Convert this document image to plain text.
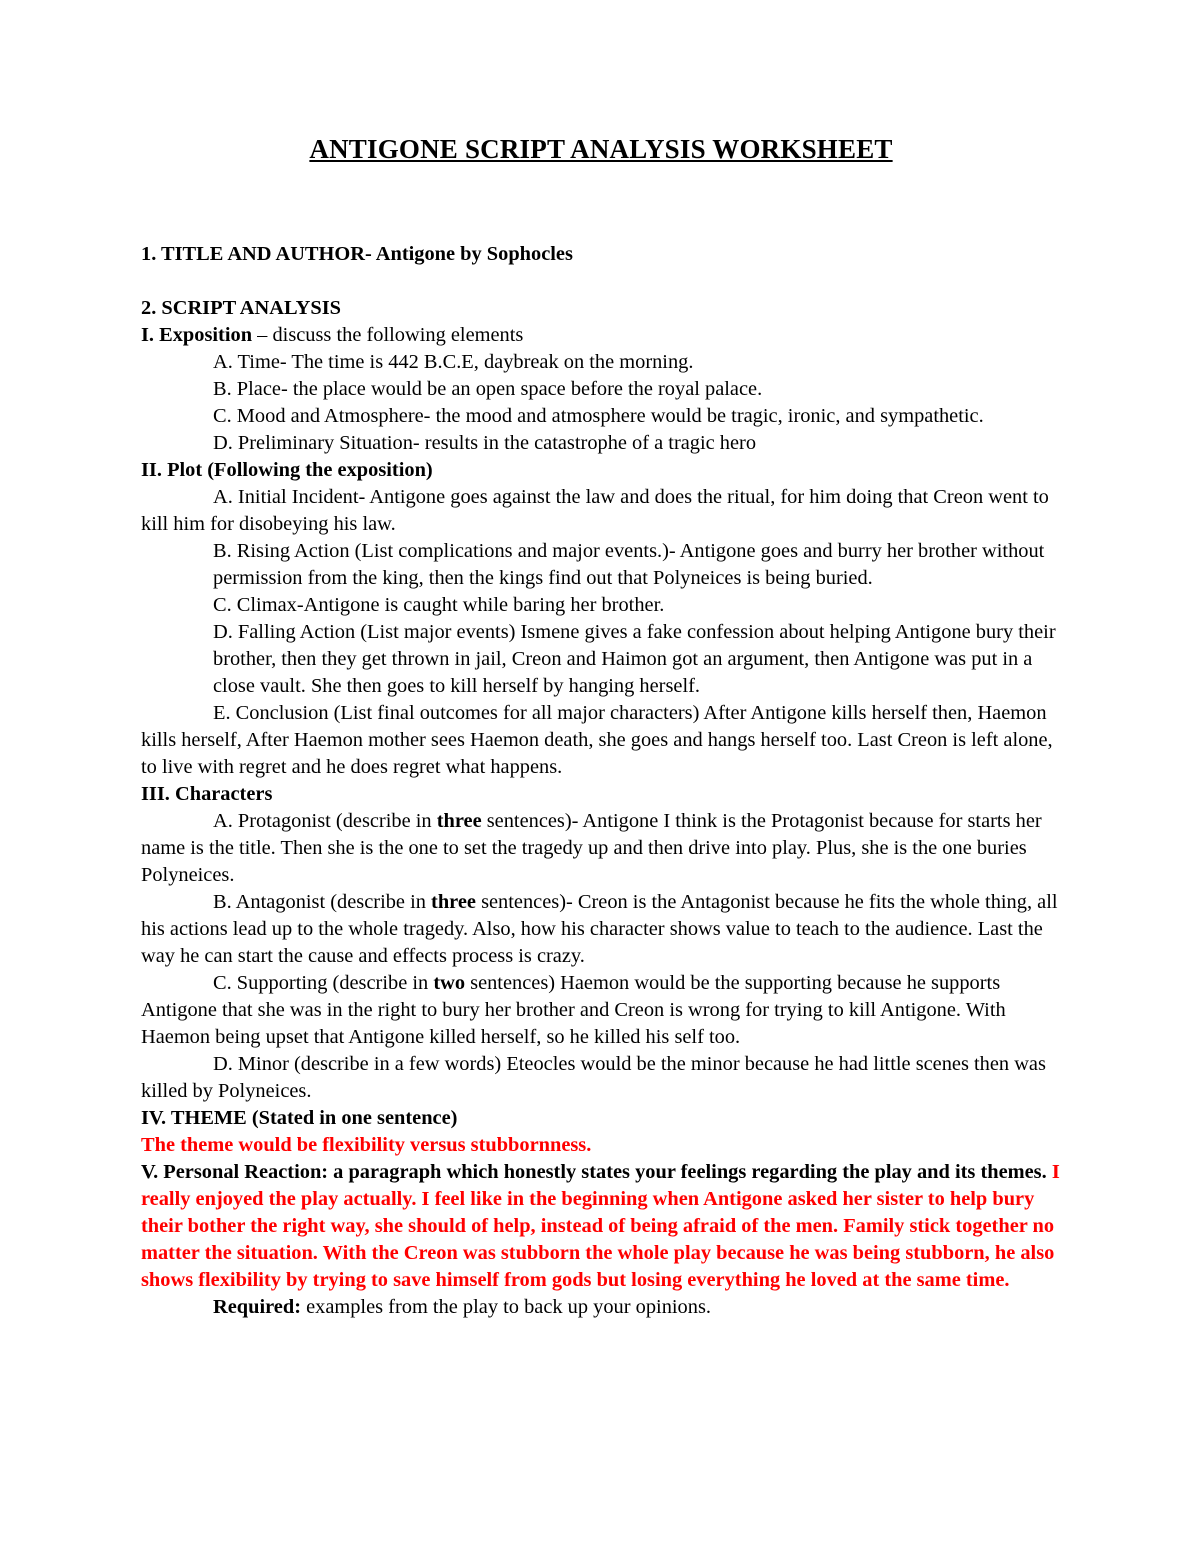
ANTIGONE SCRIPT ANALYSIS WORKSHEET

1. TITLE AND AUTHOR- Antigone by Sophocles

2. SCRIPT ANALYSIS

I. Exposition – discuss the following elements

A. Time- The time is 442 B.C.E, daybreak on the morning.

B. Place- the place would be an open space before the royal palace.

C. Mood and Atmosphere- the mood and atmosphere would be tragic, ironic, and sympathetic.

D. Preliminary Situation- results in the catastrophe of a tragic hero

II. Plot (Following the exposition)

A. Initial Incident- Antigone goes against the law and does the ritual, for him doing that Creon went to kill him for disobeying his law.

B. Rising Action (List complications and major events.)- Antigone goes and burry her brother without permission from the king, then the kings find out that Polyneices is being buried.

C. Climax-Antigone is caught while baring her brother.

D. Falling Action (List major events) Ismene gives a fake confession about helping Antigone bury their brother, then they get thrown in jail, Creon and Haimon got an argument, then Antigone was put in a close vault. She then goes to kill herself by hanging herself.

E. Conclusion (List final outcomes for all major characters) After Antigone kills herself then, Haemon kills herself, After Haemon mother sees Haemon death, she goes and hangs herself too. Last Creon is left alone, to live with regret and he does regret what happens.

III. Characters

A. Protagonist (describe in three sentences)- Antigone I think is the Protagonist because for starts her name is the title. Then she is the one to set the tragedy up and then drive into play. Plus, she is the one buries Polyneices.

B. Antagonist (describe in three sentences)- Creon is the Antagonist because he fits the whole thing, all his actions lead up to the whole tragedy. Also, how his character shows value to teach to the audience. Last the way he can start the cause and effects process is crazy.

C. Supporting (describe in two sentences) Haemon would be the supporting because he supports Antigone that she was in the right to bury her brother and Creon is wrong for trying to kill Antigone. With Haemon being upset that Antigone killed herself, so he killed his self too.

D. Minor (describe in a few words) Eteocles would be the minor because he had little scenes then was killed by Polyneices.

IV. THEME (Stated in one sentence)

The theme would be flexibility versus stubbornness.

V. Personal Reaction: a paragraph which honestly states your feelings regarding the play and its themes. I really enjoyed the play actually. I feel like in the beginning when Antigone asked her sister to help bury their bother the right way, she should of help, instead of being afraid of the men. Family stick together no matter the situation. With the Creon was stubborn the whole play because he was being stubborn, he also shows flexibility by trying to save himself from gods but losing everything he loved at the same time.

Required: examples from the play to back up your opinions.
